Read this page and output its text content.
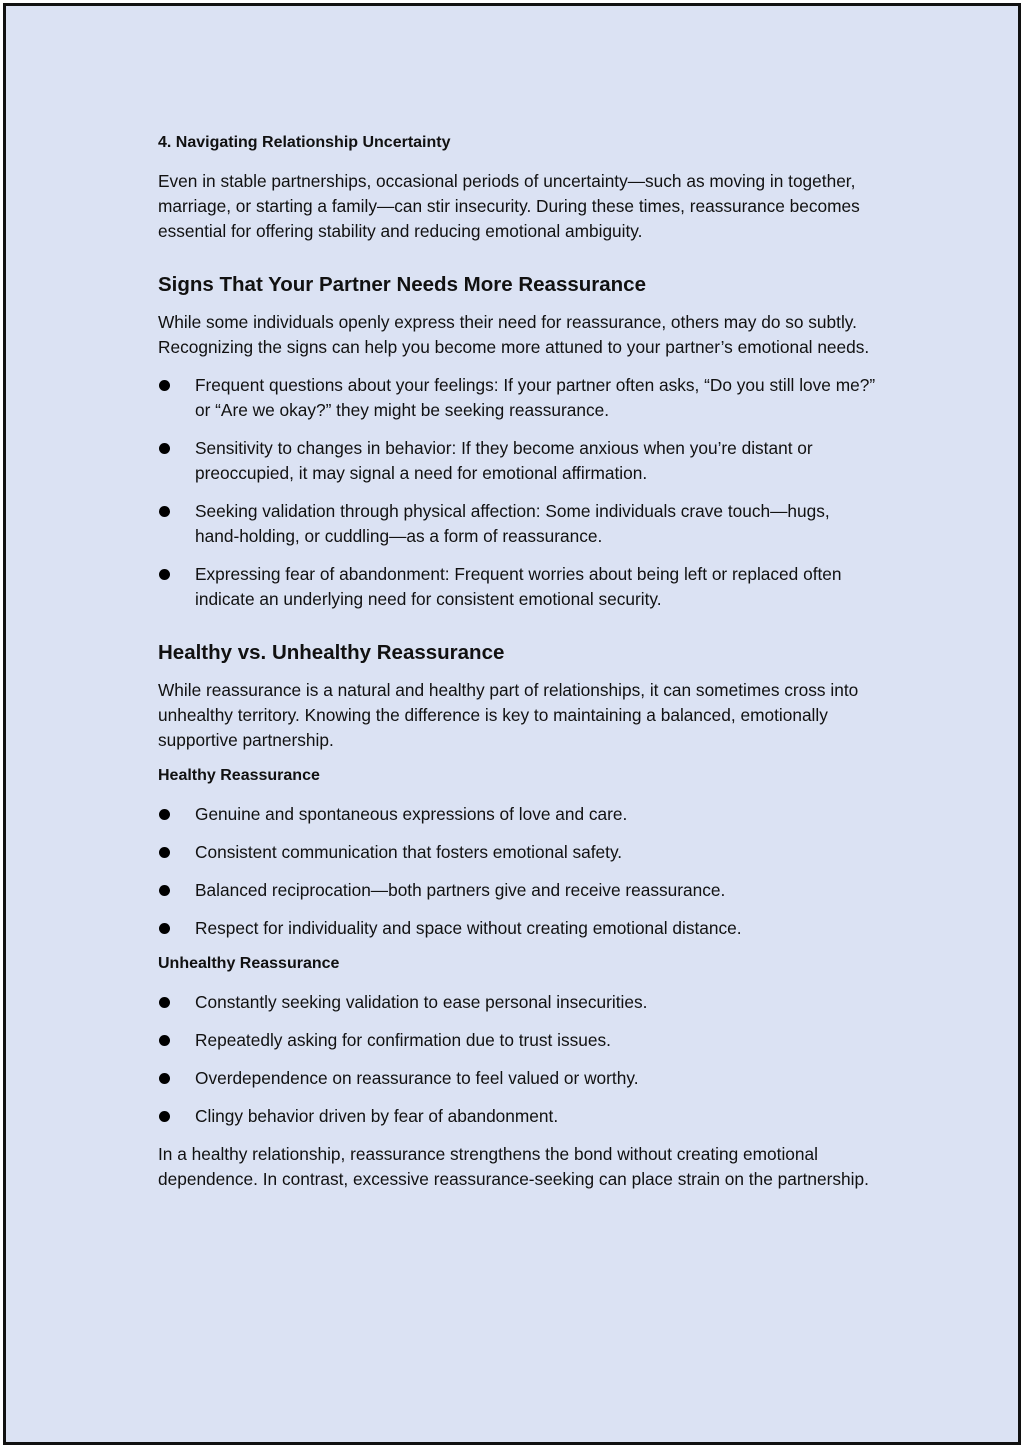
4. Navigating Relationship Uncertainty

Even in stable partnerships, occasional periods of uncertainty—such as moving in together, marriage, or starting a family—can stir insecurity. During these times, reassurance becomes essential for offering stability and reducing emotional ambiguity.

Signs That Your Partner Needs More Reassurance

While some individuals openly express their need for reassurance, others may do so subtly. Recognizing the signs can help you become more attuned to your partner’s emotional needs.

Frequent questions about your feelings: If your partner often asks, “Do you still love me?” or “Are we okay?” they might be seeking reassurance.
Sensitivity to changes in behavior: If they become anxious when you’re distant or preoccupied, it may signal a need for emotional affirmation.
Seeking validation through physical affection: Some individuals crave touch—hugs, hand-holding, or cuddling—as a form of reassurance.
Expressing fear of abandonment: Frequent worries about being left or replaced often indicate an underlying need for consistent emotional security.
Healthy vs. Unhealthy Reassurance

While reassurance is a natural and healthy part of relationships, it can sometimes cross into unhealthy territory. Knowing the difference is key to maintaining a balanced, emotionally supportive partnership.

Healthy Reassurance
Genuine and spontaneous expressions of love and care.
Consistent communication that fosters emotional safety.
Balanced reciprocation—both partners give and receive reassurance.
Respect for individuality and space without creating emotional distance.
Unhealthy Reassurance
Constantly seeking validation to ease personal insecurities.
Repeatedly asking for confirmation due to trust issues.
Overdependence on reassurance to feel valued or worthy.
Clingy behavior driven by fear of abandonment.

In a healthy relationship, reassurance strengthens the bond without creating emotional dependence. In contrast, excessive reassurance-seeking can place strain on the partnership.
